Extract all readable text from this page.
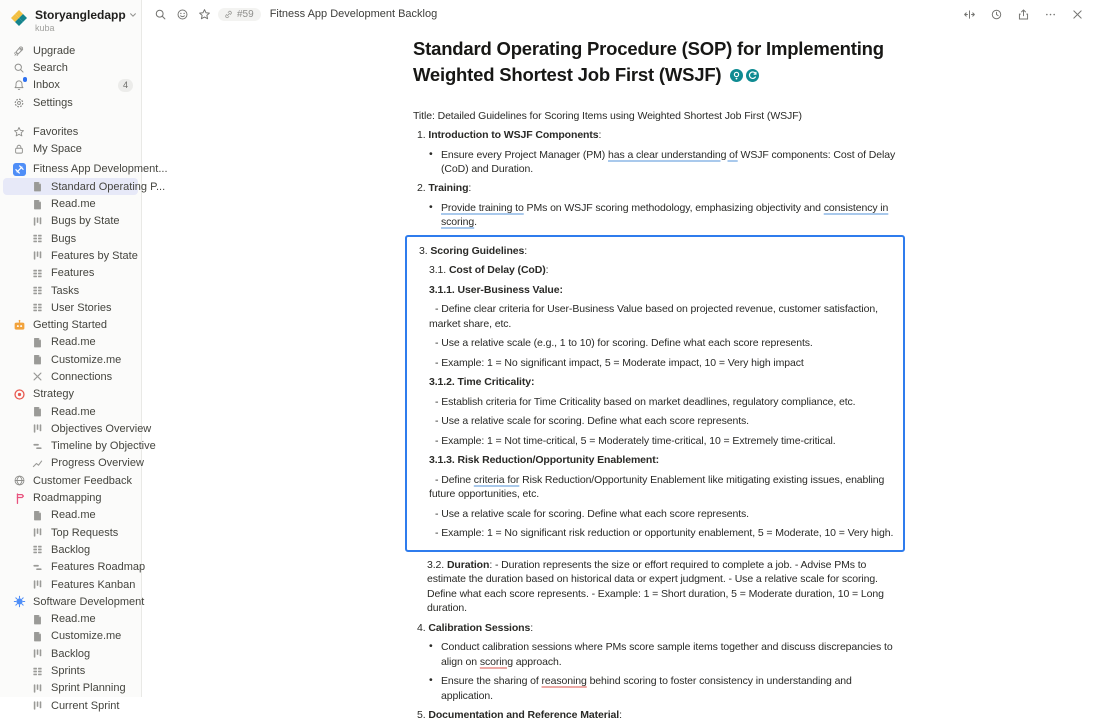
Storyangledapp
kuba
Upgrade
Search
Inbox	4
Settings
Favorites
My Space
Fitness App Development...
Standard Operating P...
Read.me
Bugs by State
Bugs
Features by State
Features
Tasks
User Stories
Getting Started
Read.me
Customize.me
Connections
Strategy
Read.me
Objectives Overview
Timeline by Objective
Progress Overview
Customer Feedback
Roadmapping
Read.me
Top Requests
Backlog
Features Roadmap
Features Kanban
Software Development
Read.me
Customize.me
Backlog
Sprints
Sprint Planning
Current Sprint
#59 Fitness App Development Backlog
Standard Operating Procedure (SOP) for Implementing Weighted Shortest Job First (WSJF)
Title: Detailed Guidelines for Scoring Items using Weighted Shortest Job First (WSJF)
1. Introduction to WSJF Components:
• Ensure every Project Manager (PM) has a clear understanding of WSJF components: Cost of Delay (CoD) and Duration.
2. Training:
• Provide training to PMs on WSJF scoring methodology, emphasizing objectivity and consistency in scoring.
3. Scoring Guidelines:
3.1. Cost of Delay (CoD):
3.1.1. User-Business Value:
- Define clear criteria for User-Business Value based on projected revenue, customer satisfaction, market share, etc.
- Use a relative scale (e.g., 1 to 10) for scoring. Define what each score represents.
- Example: 1 = No significant impact, 5 = Moderate impact, 10 = Very high impact
3.1.2. Time Criticality:
- Establish criteria for Time Criticality based on market deadlines, regulatory compliance, etc.
- Use a relative scale for scoring. Define what each score represents.
- Example: 1 = Not time-critical, 5 = Moderately time-critical, 10 = Extremely time-critical.
3.1.3. Risk Reduction/Opportunity Enablement:
- Define criteria for Risk Reduction/Opportunity Enablement like mitigating existing issues, enabling future opportunities, etc.
- Use a relative scale for scoring. Define what each score represents.
- Example: 1 = No significant risk reduction or opportunity enablement, 5 = Moderate, 10 = Very high.
3.2. Duration: - Duration represents the size or effort required to complete a job. - Advise PMs to estimate the duration based on historical data or expert judgment. - Use a relative scale for scoring. Define what each score represents. - Example: 1 = Short duration, 5 = Moderate duration, 10 = Long duration.
4. Calibration Sessions:
• Conduct calibration sessions where PMs score sample items together and discuss discrepancies to align on scoring approach.
• Ensure the sharing of reasoning behind scoring to foster consistency in understanding and application.
5. Documentation and Reference Material:
